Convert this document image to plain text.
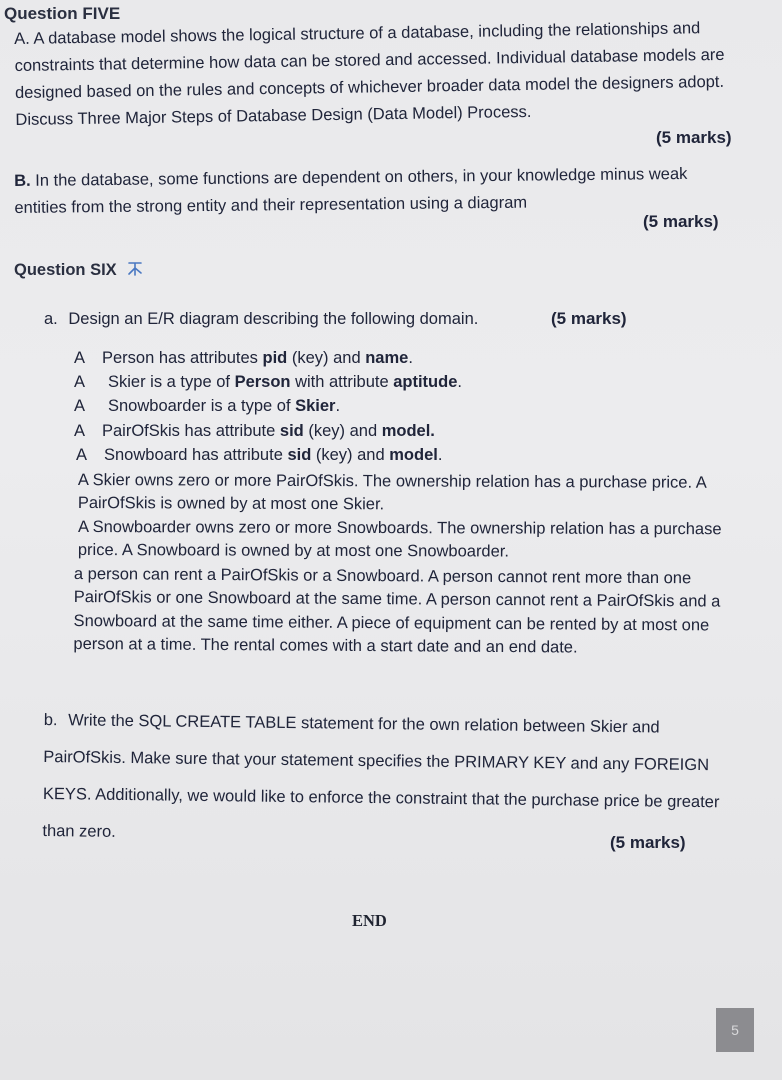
Question FIVE
A. A database model shows the logical structure of a database, including the relationships and constraints that determine how data can be stored and accessed. Individual database models are designed based on the rules and concepts of whichever broader data model the designers adopt. Discuss Three Major Steps of Database Design (Data Model) Process.
(5 marks)
B. In the database, some functions are dependent on others, in your knowledge minus weak entities from the strong entity and their representation using a diagram
(5 marks)
Question SIX
a. Design an E/R diagram describing the following domain.	(5 marks)
A Person has attributes pid (key) and name.
A Skier is a type of Person with attribute aptitude.
A Snowboarder is a type of Skier.
A PairOfSkis has attribute sid (key) and model.
A Snowboard has attribute sid (key) and model.
A Skier owns zero or more PairOfSkis. The ownership relation has a purchase price. A PairOfSkis is owned by at most one Skier.
A Snowboarder owns zero or more Snowboards. The ownership relation has a purchase price. A Snowboard is owned by at most one Snowboarder.
a person can rent a PairOfSkis or a Snowboard. A person cannot rent more than one PairOfSkis or one Snowboard at the same time. A person cannot rent a PairOfSkis and a Snowboard at the same time either. A piece of equipment can be rented by at most one person at a time. The rental comes with a start date and an end date.
b. Write the SQL CREATE TABLE statement for the own relation between Skier and PairOfSkis. Make sure that your statement specifies the PRIMARY KEY and any FOREIGN KEYS. Additionally, we would like to enforce the constraint that the purchase price be greater than zero.
(5 marks)
END
5
